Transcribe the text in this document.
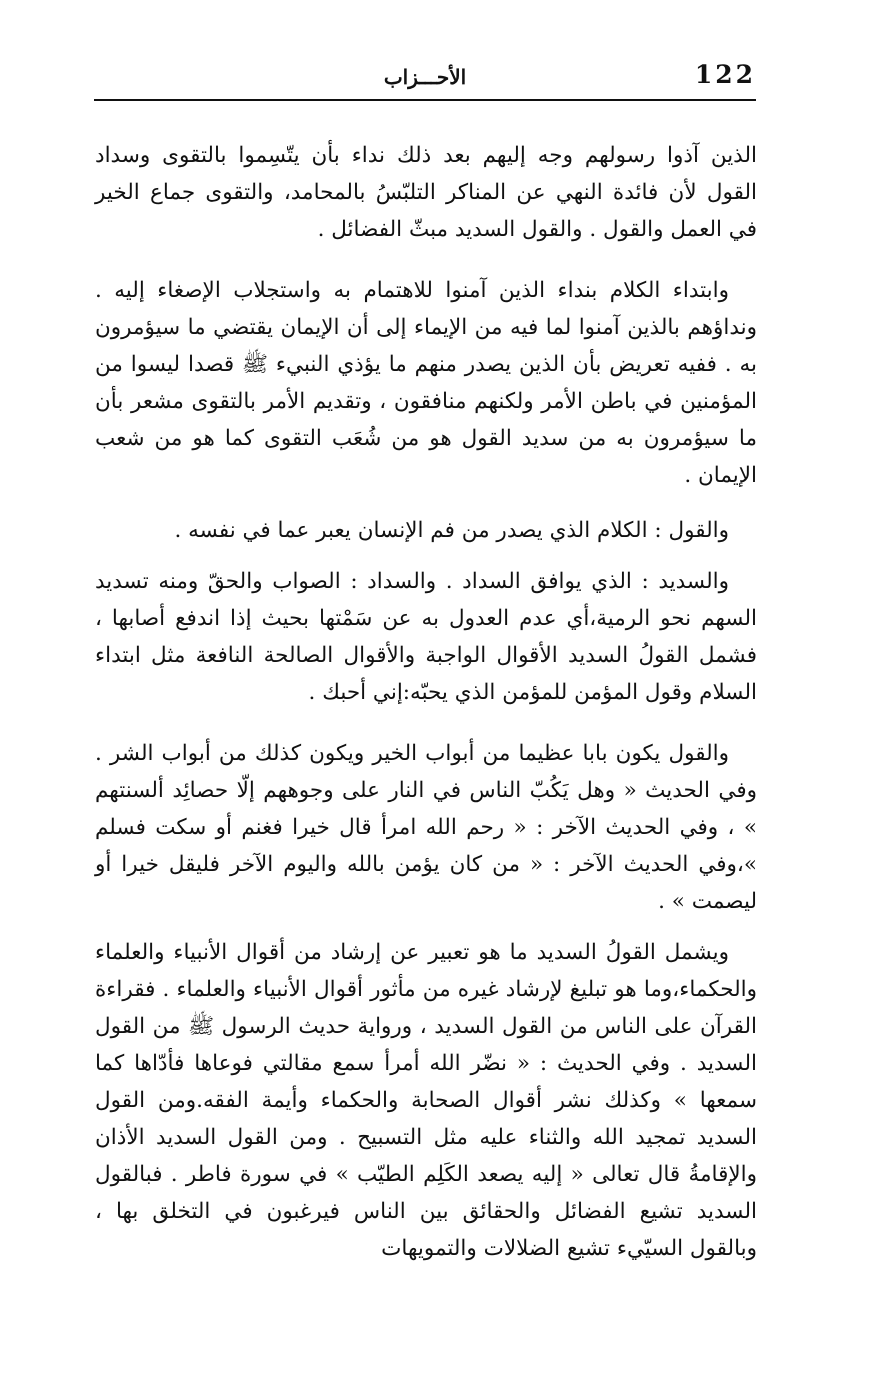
122
الأحـــزاب

الذين آذوا رسولهم وجه إليهم بعد ذلك نداء بأن يتّسِموا بالتقوى وسداد القول لأن فائدة النهي عن المناكر التلبّسُ بالمحامد، والتقوى جماع الخير في العمل والقول . والقول السديد مبثّ الفضائل .

وابتداء الكلام بنداء الذين آمنوا للاهتمام به واستجلاب الإصغاء إليه . ونداؤهم بالذين آمنوا لما فيه من الإيماء إلى أن الإيمان يقتضي ما سيؤمرون به . ففيه تعريض بأن الذين يصدر منهم ما يؤذي النبيء ﷺ قصدا ليسوا من المؤمنين في باطن الأمر ولكنهم منافقون ، وتقديم الأمر بالتقوى مشعر بأن ما سيؤمرون به من سديد القول هو من شُعَب التقوى كما هو من شعب الإيمان .

والقول : الكلام الذي يصدر من فم الإنسان يعبر عما في نفسه .

والسديد : الذي يوافق السداد . والسداد : الصواب والحقّ ومنه تسديد السهم نحو الرمية،أي عدم العدول به عن سَمْتها بحيث إذا اندفع أصابها ، فشمل القولُ السديد الأقوال الواجبة والأقوال الصالحة النافعة مثل ابتداء السلام وقول المؤمن للمؤمن الذي يحبّه:إني أحبك .

والقول يكون بابا عظيما من أبواب الخير ويكون كذلك من أبواب الشر . وفي الحديث « وهل يَكُبّ الناس في النار على وجوههم إلّا حصائِد ألسنتهم » ، وفي الحديث الآخر : « رحم الله امرأ قال خيرا فغنم أو سكت فسلم »،وفي الحديث الآخر : « من كان يؤمن بالله واليوم الآخر فليقل خيرا أو ليصمت » .

ويشمل القولُ السديد ما هو تعبير عن إرشاد من أقوال الأنبياء والعلماء والحكماء،وما هو تبليغ لإرشاد غيره من مأثور أقوال الأنبياء والعلماء . فقراءة القرآن على الناس من القول السديد ، ورواية حديث الرسول ﷺ من القول السديد . وفي الحديث : « نضّر الله أمرأ سمع مقالتي فوعاها فأدّاها كما سمعها » وكذلك نشر أقوال الصحابة والحكماء وأيمة الفقه.ومن القول السديد تمجيد الله والثناء عليه مثل التسبيح . ومن القول السديد الأذان والإقامةُ قال تعالى « إليه يصعد الكَلِم الطيّب » في سورة فاطر . فبالقول السديد تشيع الفضائل والحقائق بين الناس فيرغبون في التخلق بها ، وبالقول السيّيء تشيع الضلالات والتمويهات
